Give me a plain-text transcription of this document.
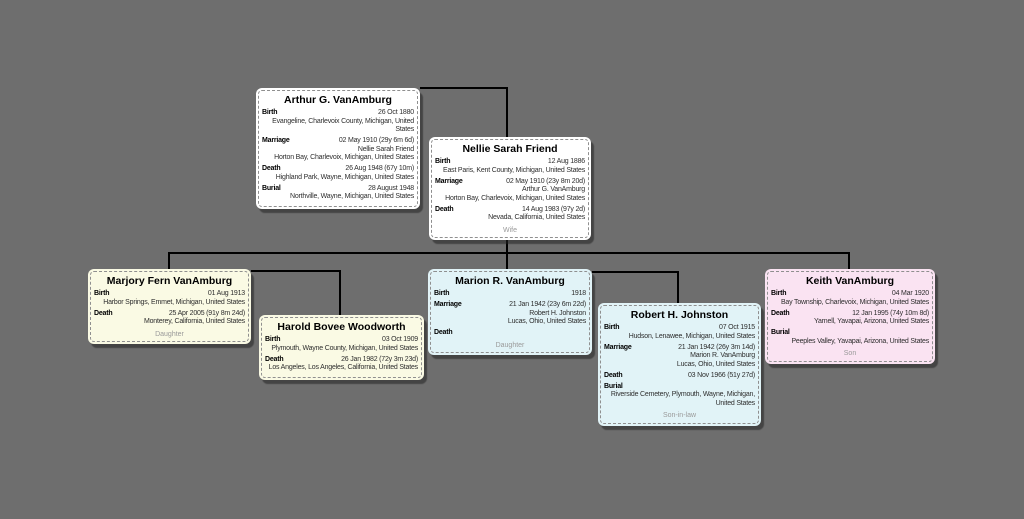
Arthur G. VanAmburg
Birth	26 Oct 1880
Evangeline, Charlevoix County, Michigan, United
States
Marriage	02 May 1910 (29y 6m 6d)
Nellie Sarah Friend
Horton Bay, Charlevoix, Michigan, United States
Death	26 Aug 1948 (67y 10m)
Highland Park, Wayne, Michigan, United States
Burial	28 August 1948
Northville, Wayne, Michigan, United States
Nellie Sarah Friend
Birth	12 Aug 1886
East Paris, Kent County, Michigan, United States
Marriage	02 May 1910 (23y 8m 20d)
Arthur G. VanAmburg
Horton Bay, Charlevoix, Michigan, United States
Death	14 Aug 1983 (97y 2d)
Nevada, California, United States
Wife
Marjory Fern VanAmburg
Birth	01 Aug 1913
Harbor Springs, Emmet, Michigan, United States
Death	25 Apr 2005 (91y 8m 24d)
Monterey, California, United States
Daughter
Harold Bovee Woodworth
Birth	03 Oct 1909
Plymouth, Wayne County, Michigan, United States
Death	26 Jan 1982 (72y 3m 23d)
Los Angeles, Los Angeles, California, United States
Marion R. VanAmburg
Birth	1918
Marriage	21 Jan 1942 (23y 6m 22d)
Robert H. Johnston
Lucas, Ohio, United States
Death
Daughter
Robert H. Johnston
Birth	07 Oct 1915
Hudson, Lenawee, Michigan, United States
Marriage	21 Jan 1942 (26y 3m 14d)
Marion R. VanAmburg
Lucas, Ohio, United States
Death	03 Nov 1966 (51y 27d)
Burial
Riverside Cemetery, Plymouth, Wayne, Michigan,
United States
Son-in-law
Keith VanAmburg
Birth	04 Mar 1920
Bay Township, Charlevoix, Michigan, United States
Death	12 Jan 1995 (74y 10m 8d)
Yarnell, Yavapai, Arizona, United States
Burial
Peeples Valley, Yavapai, Arizona, United States
Son
